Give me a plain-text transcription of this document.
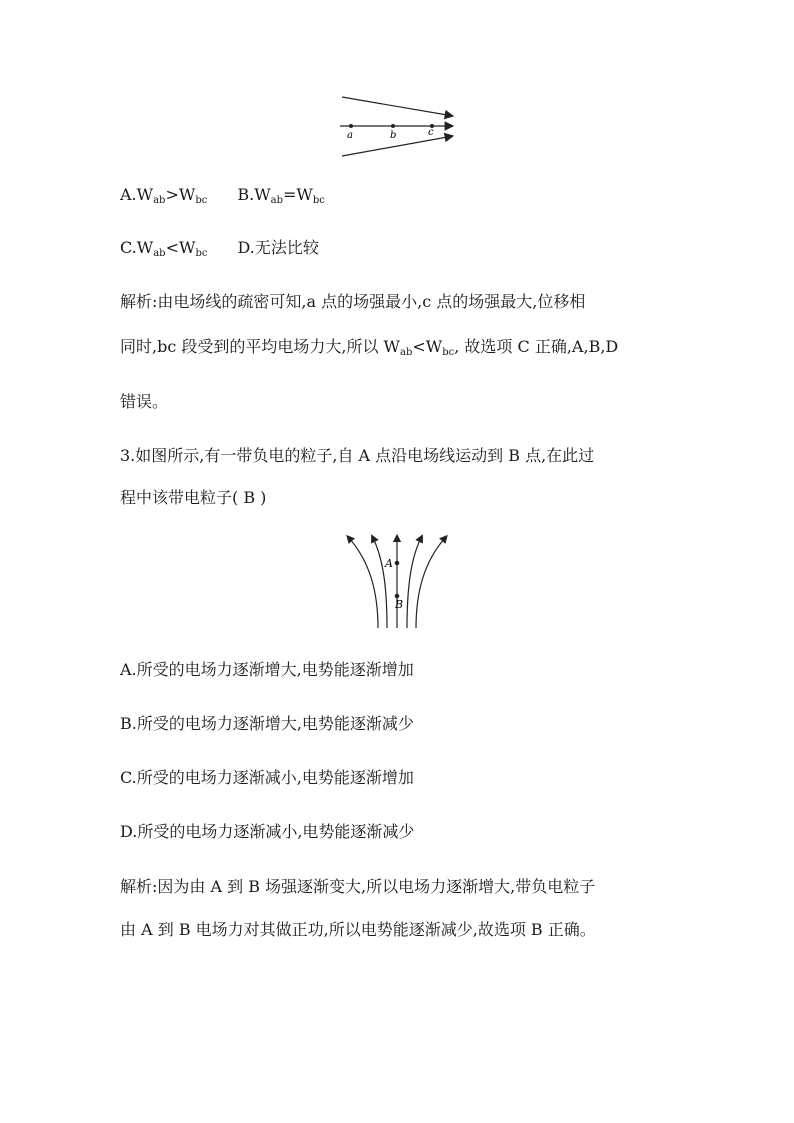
a	b	c
$A.W_{ab}>W_{bc}$ $B.W_{ab}=W_{bc}$
$C.W_{ab}<W_{bc}$ D.无法比较
解析:由电场线的疏密可知,a 点的场强最小,c 点的场强最大,位移相
同时,bc 段受到的平均电场力大,所以 $W_{ab}<W_{bc}$, 故选项 C 正确,A,B,D
错误。
3.如图所示,有一带负电的粒子,自 A 点沿电场线运动到 B 点,在此过
程中该带电粒子( B )
A
B
A.所受的电场力逐渐增大,电势能逐渐增加
B.所受的电场力逐渐增大,电势能逐渐减少
C.所受的电场力逐渐减小,电势能逐渐增加
D.所受的电场力逐渐减小,电势能逐渐减少
解析:因为由 A 到 B 场强逐渐变大,所以电场力逐渐增大,带负电粒子
由 A 到 B 电场力对其做正功,所以电势能逐渐减少,故选项 B 正确。
